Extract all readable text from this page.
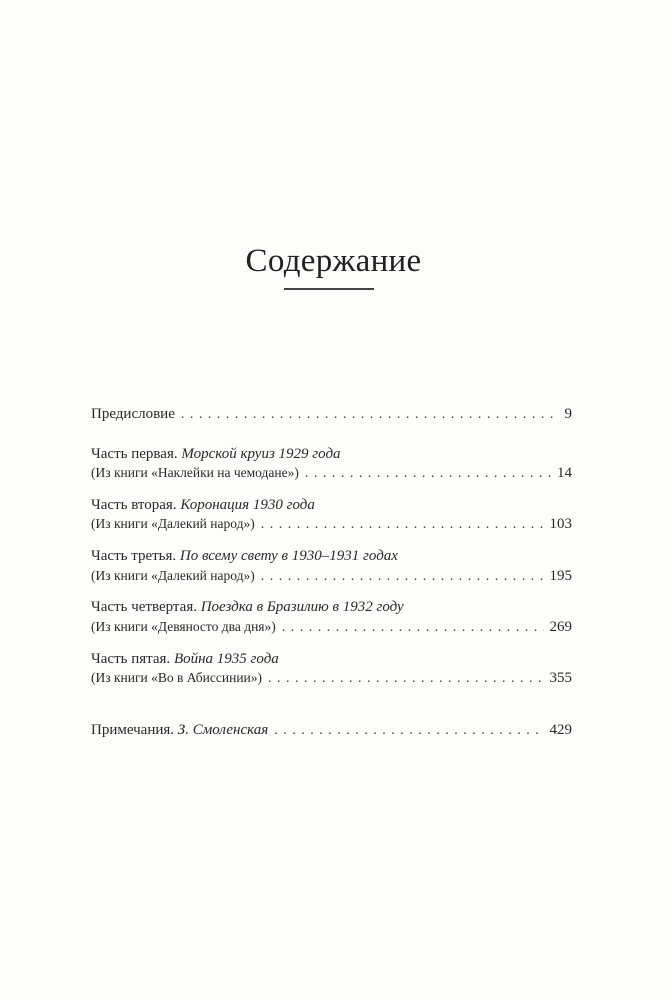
Содержание
Предисловие . . .	9
Часть первая. Морской круиз 1929 года
(Из книги «Наклейки на чемодане») . . .	14
Часть вторая. Коронация 1930 года
(Из книги «Далекий народ») . . .	103
Часть третья. По всему свету в 1930–1931 годах
(Из книги «Далекий народ») . . .	195
Часть четвертая. Поездка в Бразилию в 1932 году
(Из книги «Девяносто два дня») . . .	269
Часть пятая. Война 1935 года
(Из книги «Во в Абиссинии») . . .	355
Примечания. З. Смоленская . . .	429
